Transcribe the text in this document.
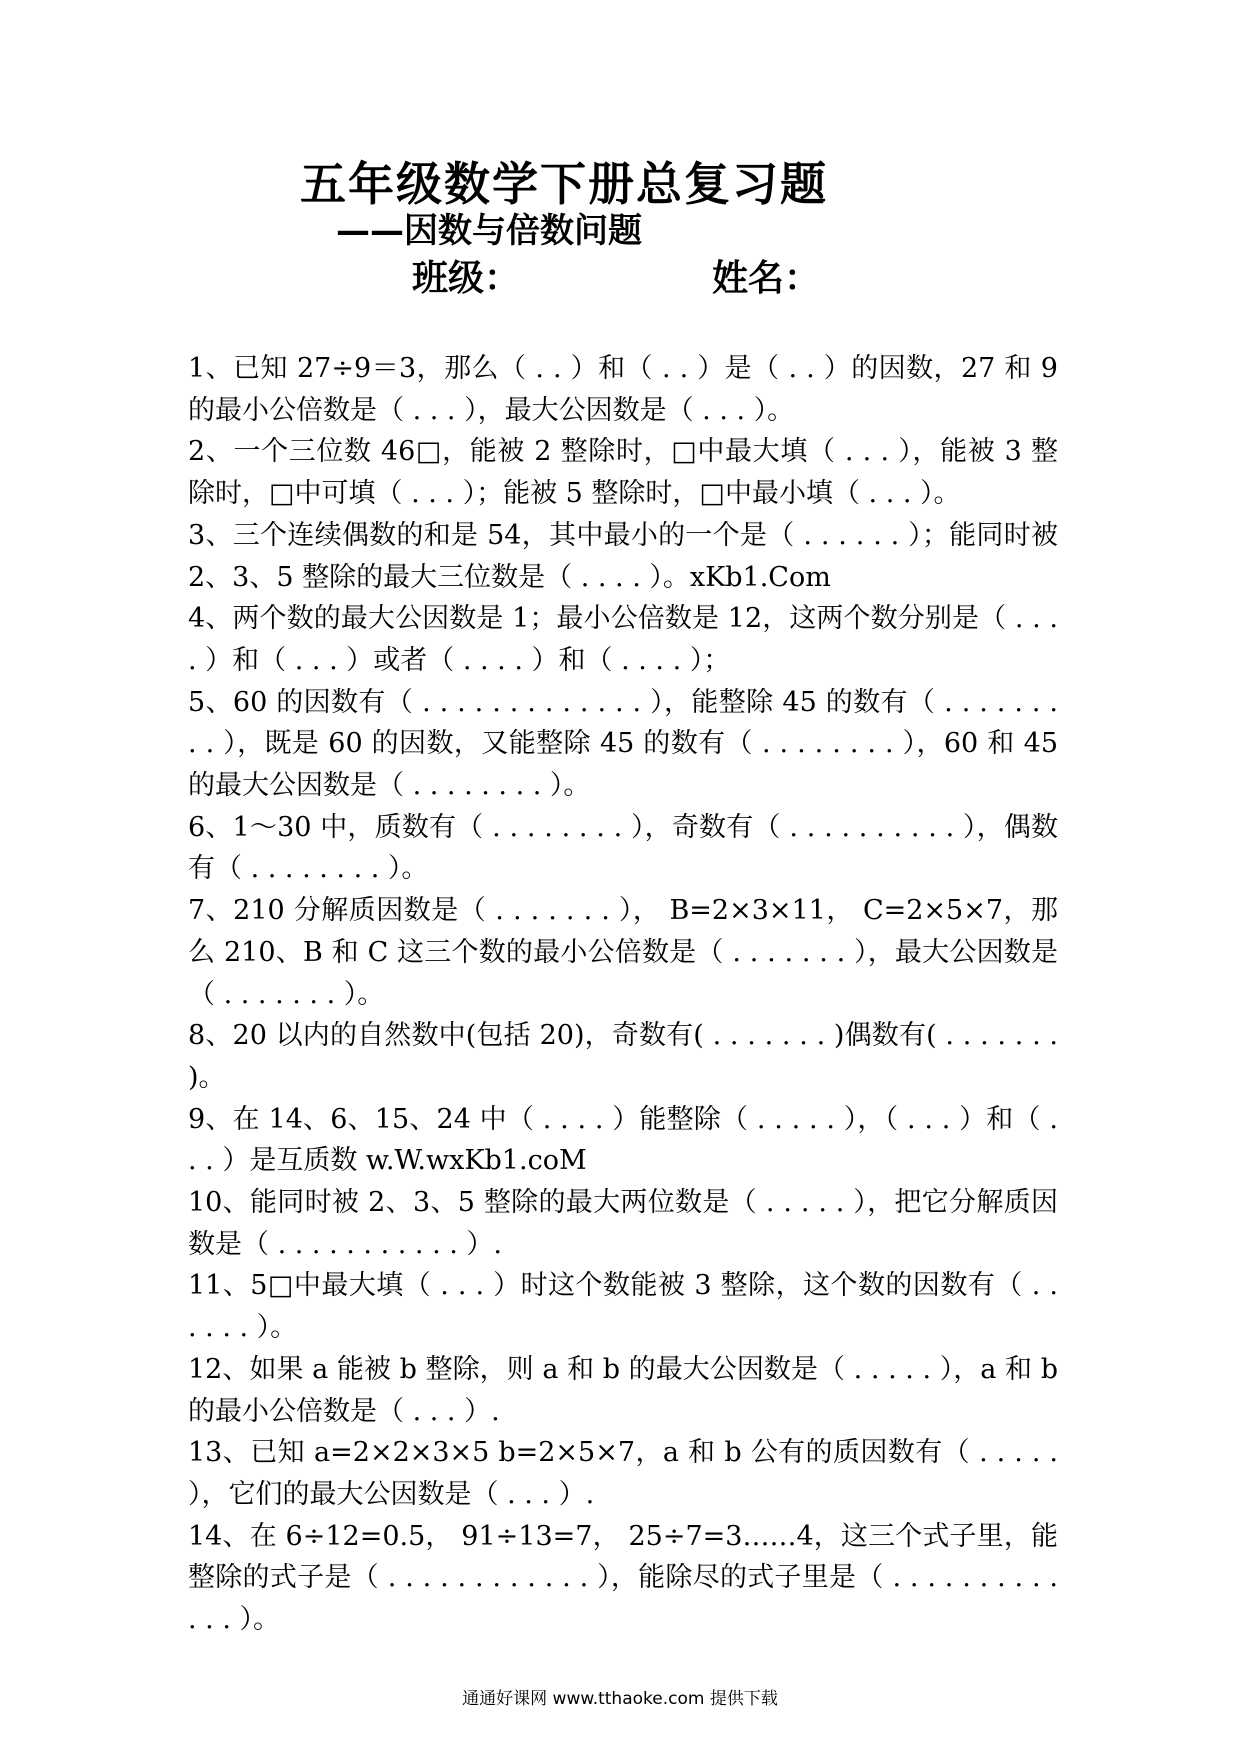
五年级数学下册总复习题
——因数与倍数问题
班级：	姓名：

1、已知 27÷9＝3，那么（ . . ）和（ . . ）是（ . . ）的因数，27 和 9 的最小公倍数是（ . . . ），最大公因数是（ . . . ）。

2、一个三位数 46□，能被 2 整除时，□中最大填（ . . . ），能被 3 整除时，□中可填（ . . . ）；能被 5 整除时，□中最小填（ . . . ）。

3、三个连续偶数的和是 54，其中最小的一个是（ . . . . . . ）；能同时被 2、3、5 整除的最大三位数是（ . . . . ）。xKb1.Com

4、两个数的最大公因数是 1；最小公倍数是 12，这两个数分别是（ . . . . ）和（ . . . ）或者（ . . . . ）和（ . . . . ）；

5、60 的因数有（ . . . . . . . . . . . . . ），能整除 45 的数有（ . . . . . . . . . ），既是 60 的因数，又能整除 45 的数有（ . . . . . . . . ），60 和 45 的最大公因数是（ . . . . . . . . ）。

6、1～30 中，质数有（ . . . . . . . . ），奇数有（ . . . . . . . . . . ），偶数有（ . . . . . . . . ）。

7、210 分解质因数是（ . . . . . . . ）， B=2×3×11， C=2×5×7，那么 210、B 和 C 这三个数的最小公倍数是（ . . . . . . . ），最大公因数是（ . . . . . . . ）。

8、20 以内的自然数中(包括 20)，奇数有( . . . . . . . )偶数有( . . . . . . . )。

9、在 14、6、15、24 中（ . . . . ）能整除（ . . . . . ），（ . . . ）和（ . . . ）是互质数 w.W.wxKb1.coM

10、能同时被 2、3、5 整除的最大两位数是（ . . . . . ），把它分解质因数是（ . . . . . . . . . . . ）.

11、5□中最大填（ . . . ）时这个数能被 3 整除，这个数的因数有（ . . . . . . ）。

12、如果 a 能被 b 整除，则 a 和 b 的最大公因数是（ . . . . . ），a 和 b 的最小公倍数是（ . . . ）.

13、已知 a=2×2×3×5 b=2×5×7，a 和 b 公有的质因数有（ . . . . . ），它们的最大公因数是（ . . . ）.

14、在 6÷12=0.5， 91÷13=7， 25÷7=3……4，这三个式子里，能整除的式子是（ . . . . . . . . . . . . ），能除尽的式子里是（ . . . . . . . . . . . . . ）。

通通好课网 www.tthaoke.com 提供下载
